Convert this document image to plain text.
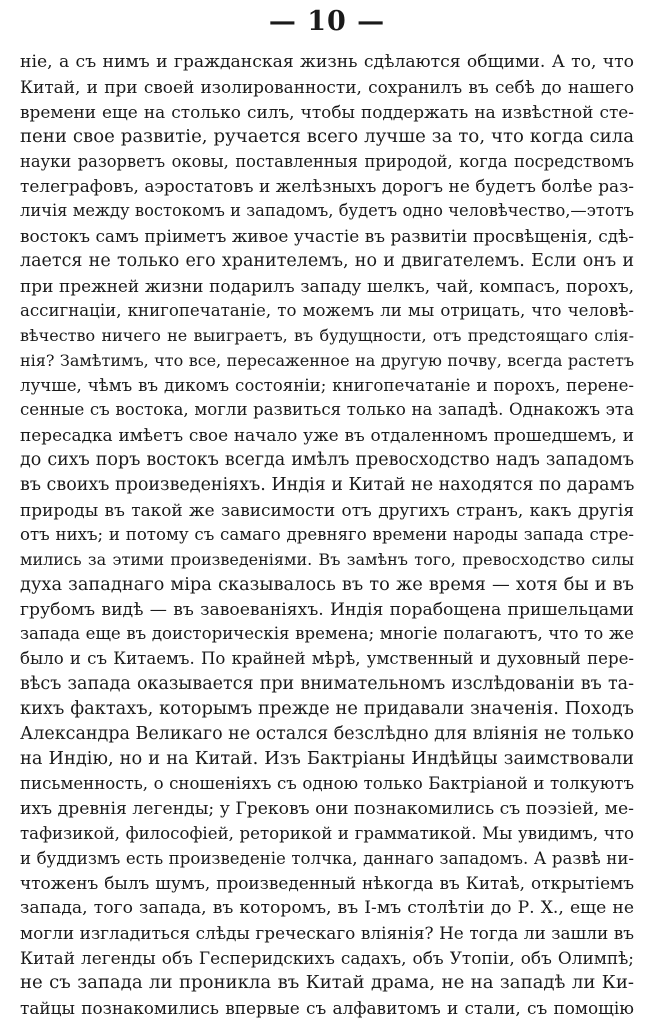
— 10 —
ніе, а съ нимъ и гражданская жизнь сдѣлаются общими. А то, что
Китай, и при своей изолированности, сохранилъ въ себѣ до нашего
времени еще на столько силъ, чтобы поддержать на извѣстной сте-
пени свое развитіе, ручается всего лучше за то, что когда сила
науки разорветъ оковы, поставленныя природой, когда посредствомъ
телеграфовъ, аэростатовъ и желѣзныхъ дорогъ не будетъ болѣе раз-
личія между востокомъ и западомъ, будетъ одно человѣчество,—этотъ
востокъ самъ пріиметъ живое участіе въ развитіи просвѣщенія, сдѣ-
лается не только его хранителемъ, но и двигателемъ. Если онъ и
при прежней жизни подарилъ западу шелкъ, чай, компасъ, порохъ,
ассигнаціи, книгопечатаніе, то можемъ ли мы отрицать, что человѣ-
вѣчество ничего не выиграетъ, въ будущности, отъ предстоящаго слія-
нія? Замѣтимъ, что все, пересаженное на другую почву, всегда растетъ
лучше, чѣмъ въ дикомъ состояніи; книгопечатаніе и порохъ, перене-
сенные съ востока, могли развиться только на западѣ. Однакожъ эта
пересадка имѣетъ свое начало уже въ отдаленномъ прошедшемъ, и
до сихъ поръ востокъ всегда имѣлъ превосходство надъ западомъ
въ своихъ произведеніяхъ. Индія и Китай не находятся по дарамъ
природы въ такой же зависимости отъ другихъ странъ, какъ другія
отъ нихъ; и потому съ самаго древняго времени народы запада стре-
мились за этими произведеніями. Въ замѣнъ того, превосходство силы
духа западнаго міра сказывалось въ то же время — хотя бы и въ
грубомъ видѣ — въ завоеваніяхъ. Индія порабощена пришельцами
запада еще въ доисторическія времена; многіе полагаютъ, что то же
было и съ Китаемъ. По крайней мѣрѣ, умственный и духовный пере-
вѣсъ запада оказывается при внимательномъ изслѣдованіи въ та-
кихъ фактахъ, которымъ прежде не придавали значенія. Походъ
Александра Великаго не остался безслѣдно для вліянія не только
на Индію, но и на Китай. Изъ Бактріаны Индѣйцы заимствовали
письменность, о сношеніяхъ съ одною только Бактріаной и толкуютъ
ихъ древнія легенды; у Грековъ они познакомились съ поэзіей, ме-
тафизикой, философіей, реторикой и грамматикой. Мы увидимъ, что
и буддизмъ есть произведеніе толчка, даннаго западомъ. А развѣ ни-
чтоженъ былъ шумъ, произведенный нѣкогда въ Китаѣ, открытіемъ
запада, того запада, въ которомъ, въ І-мъ столѣтіи до Р. Х., еще не
могли изгладиться слѣды греческаго вліянія? Не тогда ли зашли въ
Китай легенды объ Гесперидскихъ садахъ, объ Утопіи, объ Олимпѣ;
не съ запада ли проникла въ Китай драма, не на западѣ ли Ки-
тайцы познакомились впервые съ алфавитомъ и стали, съ помощію
